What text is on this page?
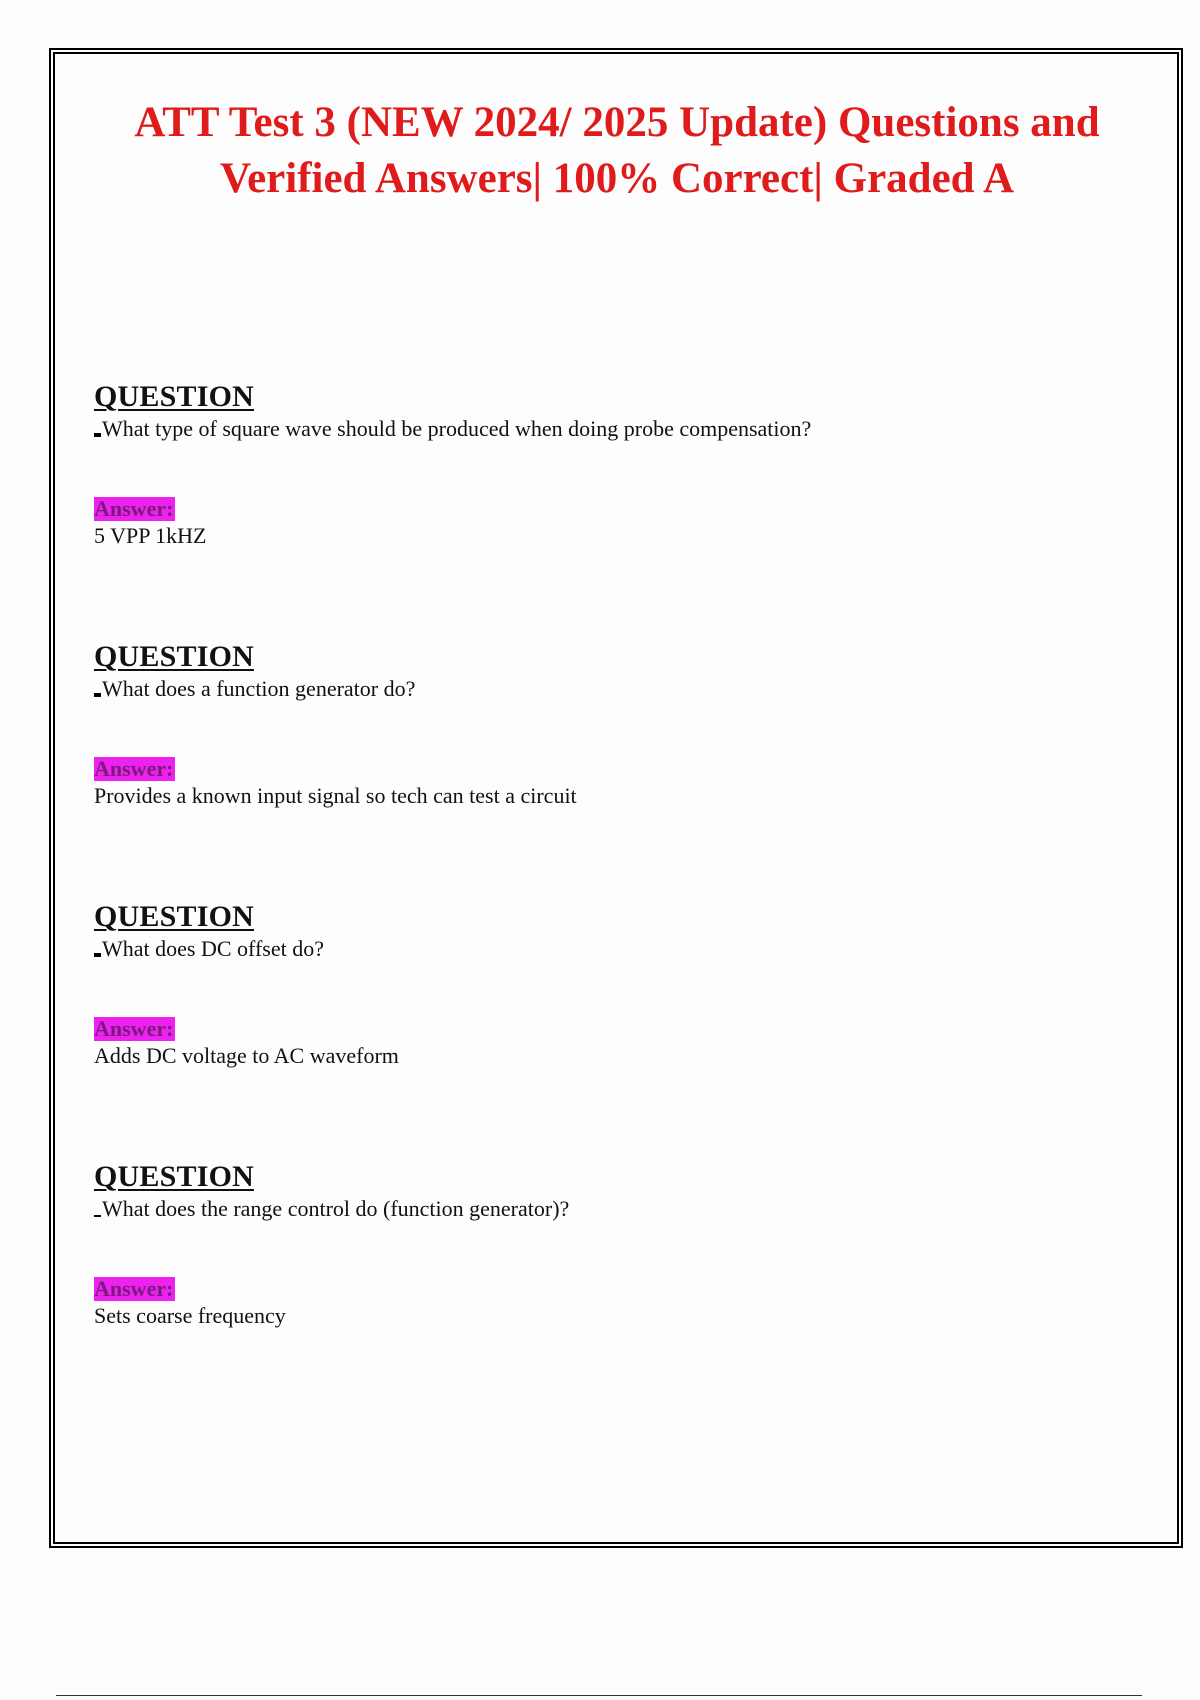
ATT Test 3 (NEW 2024/ 2025 Update) Questions and Verified Answers| 100% Correct| Graded A
QUESTION
What type of square wave should be produced when doing probe compensation?
Answer:
5 VPP 1kHZ
QUESTION
What does a function generator do?
Answer:
Provides a known input signal so tech can test a circuit
QUESTION
What does DC offset do?
Answer:
Adds DC voltage to AC waveform
QUESTION
What does the range control do (function generator)?
Answer:
Sets coarse frequency
